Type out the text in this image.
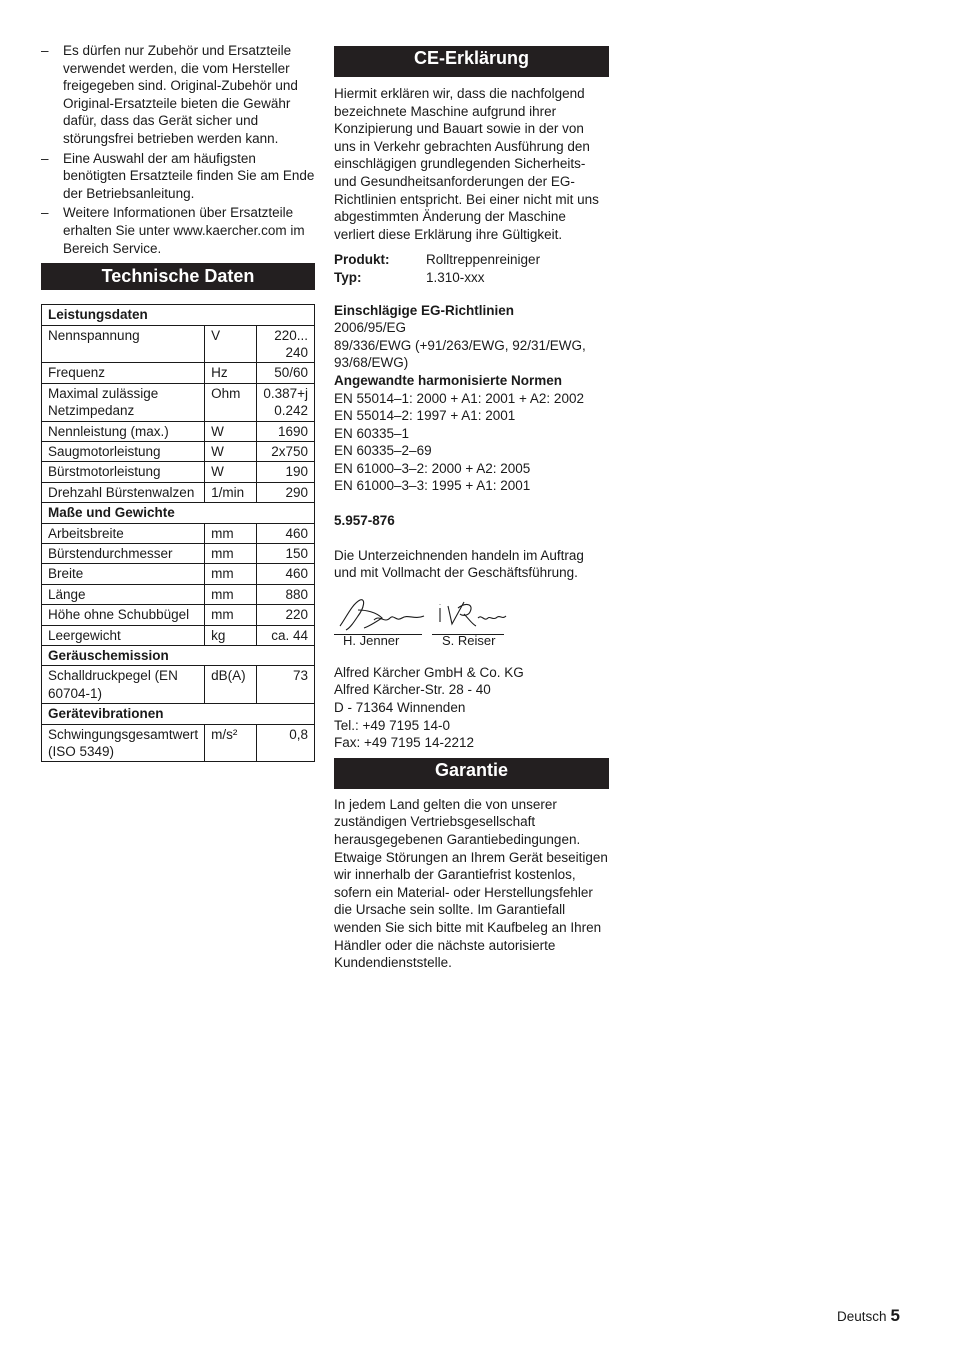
– Es dürfen nur Zubehör und Ersatzteile verwendet werden, die vom Hersteller freigegeben sind. Original-Zubehör und Original-Ersatzteile bieten die Gewähr dafür, dass das Gerät sicher und störungsfrei betrieben werden kann.
– Eine Auswahl der am häufigsten benötigten Ersatzteile finden Sie am Ende der Betriebsanleitung.
– Weitere Informationen über Ersatzteile erhalten Sie unter www.kaercher.com im Bereich Service.
Technische Daten
Leistungsdaten		
Nennspannung	V	220...
240
Frequenz	Hz	50/60
Maximal zulässige Netzimpedanz	Ohm	0.387+j
0.242
Nennleistung (max.)	W	1690
Saugmotorleistung	W	2x750
Bürstmotorleistung	W	190
Drehzahl Bürstenwalzen	1/min	290
Maße und Gewichte		
Arbeitsbreite	mm	460
Bürstendurchmesser	mm	150
Breite	mm	460
Länge	mm	880
Höhe ohne Schubbügel	mm	220
Leergewicht	kg	ca. 44
Geräuschemission		
Schalldruckpegel (EN 60704-1)	dB(A)	73
Gerätevibrationen		
Schwingungsgesamtwert (ISO 5349)	m/s²	0,8
CE-Erklärung

Hiermit erklären wir, dass die nachfolgend bezeichnete Maschine aufgrund ihrer Konzipierung und Bauart sowie in der von uns in Verkehr gebrachten Ausführung den einschlägigen grundlegenden Sicherheits- und Gesundheitsanforderungen der EG-Richtlinien entspricht. Bei einer nicht mit uns abgestimmten Änderung der Maschine verliert diese Erklärung ihre Gültigkeit.

Produkt:	Rolltreppenreiniger
Typ:	1.310-xxx
Einschlägige EG-Richtlinien
2006/95/EG
89/336/EWG (+91/263/EWG, 92/31/EWG, 93/68/EWG)
Angewandte harmonisierte Normen
EN 55014–1: 2000 + A1: 2001 + A2: 2002
EN 55014–2: 1997 + A1: 2001
EN 60335–1
EN 60335–2–69
EN 61000–3–2: 2000 + A2: 2005
EN 61000–3–3: 1995 + A1: 2001
5.957-876

Die Unterzeichnenden handeln im Auftrag und mit Vollmacht der Geschäftsführung.

H. Jenner	S. Reiser
Alfred Kärcher GmbH & Co. KG
Alfred Kärcher-Str. 28 - 40
D - 71364 Winnenden
Tel.: +49 7195 14-0
Fax: +49 7195 14-2212
Garantie

In jedem Land gelten die von unserer zuständigen Vertriebsgesellschaft herausgegebenen Garantiebedingungen. Etwaige Störungen an Ihrem Gerät beseitigen wir innerhalb der Garantiefrist kostenlos, sofern ein Material- oder Herstellungsfehler die Ursache sein sollte. Im Garantiefall wenden Sie sich bitte mit Kaufbeleg an Ihren Händler oder die nächste autorisierte Kundendienststelle.

Deutsch 5
